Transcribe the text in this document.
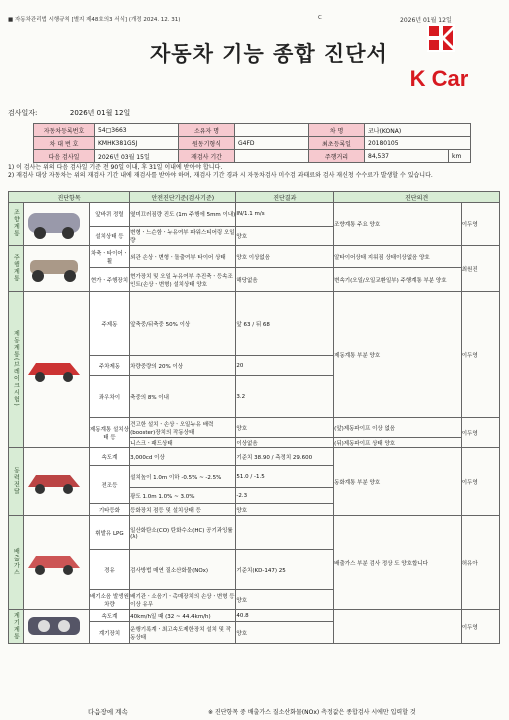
■ 자동차관리법 시행규칙 [별지 제48호의3 서식] (개정 2024. 12. 31)	C	2026년 01월 12일
자동차 기능 종합 진단서
K Car
검사일자:	2026년 01월 12일
자동차등록번호	54□3663	소유자 명		차 명	코나(KONA)	
차 대 번 호	KMHK381GSJ	원동기형식	G4FD	최초등록일	20180105	
다음 검사일	2026년 03월 15일	재검사 기간		주행거리	84,537	km
1) 이 검사는 위의 다음 검사일 기준 전 90일 이내, 후 31일 이내에 받아야 합니다.
2) 재검사 대상 자동차는 위의 재검사 기간 내에 재검사를 받아야 하며, 재검사 기간 경과 시 자동차검사 미수검 과태료와 검사 재신청 수수료가 발생할 수 있습니다.
진단항목			안전진단기준(검사기준)	진단결과	진단의견	
조향계통		앞바퀴 정렬	옆미끄러짐량 진도 (1m 주행에 5mm 이내)	IN/1.1 m/s	조향계통 주요 양호	이두영
		설치상태 등	변형ㆍ느슨함ㆍ누유여부 파워스티어링 오일량	양호		
주행계통		차축ㆍ타이어ㆍ휠	외관 손상ㆍ변형ㆍ돌출여부 타이어 상태	양호 이상없음	알타이어상태 지워짐 상태이상없음 양호	최원진
		현가ㆍ주행장치	현가장치 및 오일 누유여부 추진축ㆍ등속조인트(손상ㆍ변형) 설치상태 양호	해당없음	변속기(오일/오일교환일부) 주행계통 부분 양호	
제동계통(브레이크시험)		주제동	앞축중/뒤축중 50% 이상	앞 63 / 뒤 68	제동계통 부분 양호	이두영
		주차제동	차량중량의 20% 이상	20		
		좌우차이	축중의 8% 이내	3.2		
		제동계통 설치상태 등	견고한 설치ㆍ손상ㆍ오일누유 배력(booster)장치의 작동상태	양호	(앞)제동파이프 이상 없음	이두영
			니스크ㆍ패드상태	이상없음	(뒤)제동파이프 상태 양호	
동력전달		속도계	3,000cd 이상	기준치 38.90 / 측정치 29.600	동화계통 부분 양호	이두영
		전조등	설치높이 1.0m 이하 -0.5% ~ -2.5%	51.0 / -1.5		
			광도 1.0m 1.0% ~ 3.0%	-2.3		
		기타등화	등화장치 점등 및 설치상태 등	양호		
배출가스		휘발유 LPG	일산화탄소(CO) 탄화수소(HC) 공기과잉률(λ)		배출가스 부분 검사 정상 도 양호합니다	허유아
		경유	검사방법 매연 질소산화물(NOx)	기준치(KD-147) 25		
		배기소음 발생원 차량	배기관ㆍ소음기ㆍ촉매장치의 손상ㆍ변형 등 이상 유무	양호		
계기계통		속도계	40km/h일 때 (32 ~ 44.4km/h)	40.8		이두영
		계기장치	운행기록계ㆍ최고속도제한장치 설치 및 작동상태	양호		
다음장에 계속	※ 진단항목 중 배출가스 질소산화물(NOx) 측정값은 종합검사 시에만 입력할 것
